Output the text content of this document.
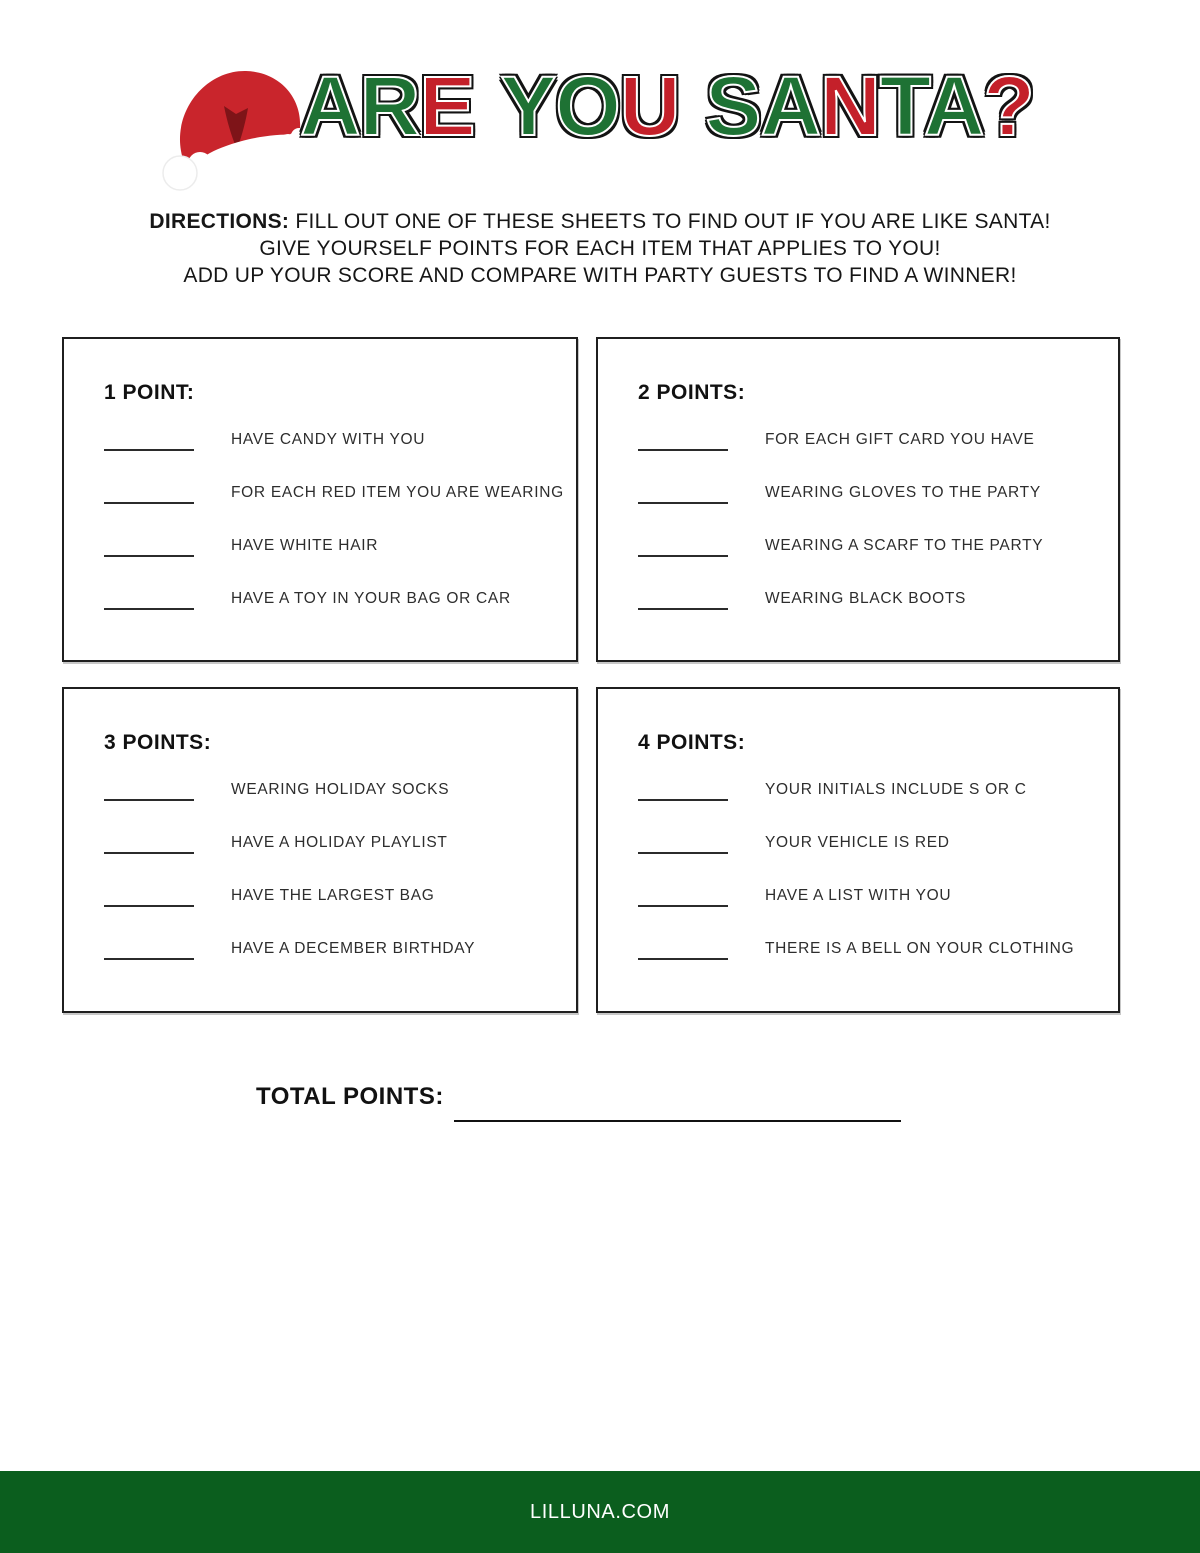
ARE YOU SANTA?

DIRECTIONS: FILL OUT ONE OF THESE SHEETS TO FIND OUT IF YOU ARE LIKE SANTA!

GIVE YOURSELF POINTS FOR EACH ITEM THAT APPLIES TO YOU!

ADD UP YOUR SCORE AND COMPARE WITH PARTY GUESTS TO FIND A WINNER!

1 POINT:
HAVE CANDY WITH YOU
FOR EACH RED ITEM YOU ARE WEARING
HAVE WHITE HAIR
HAVE A TOY IN YOUR BAG OR CAR
2 POINTS:
FOR EACH GIFT CARD YOU HAVE
WEARING GLOVES TO THE PARTY
WEARING A SCARF TO THE PARTY
WEARING BLACK BOOTS
3 POINTS:
WEARING HOLIDAY SOCKS
HAVE A HOLIDAY PLAYLIST
HAVE THE LARGEST BAG
HAVE A DECEMBER BIRTHDAY
4 POINTS:
YOUR INITIALS INCLUDE S OR C
YOUR VEHICLE IS RED
HAVE A LIST WITH YOU
THERE IS A BELL ON YOUR CLOTHING

TOTAL POINTS:

LILLUNA.COM
